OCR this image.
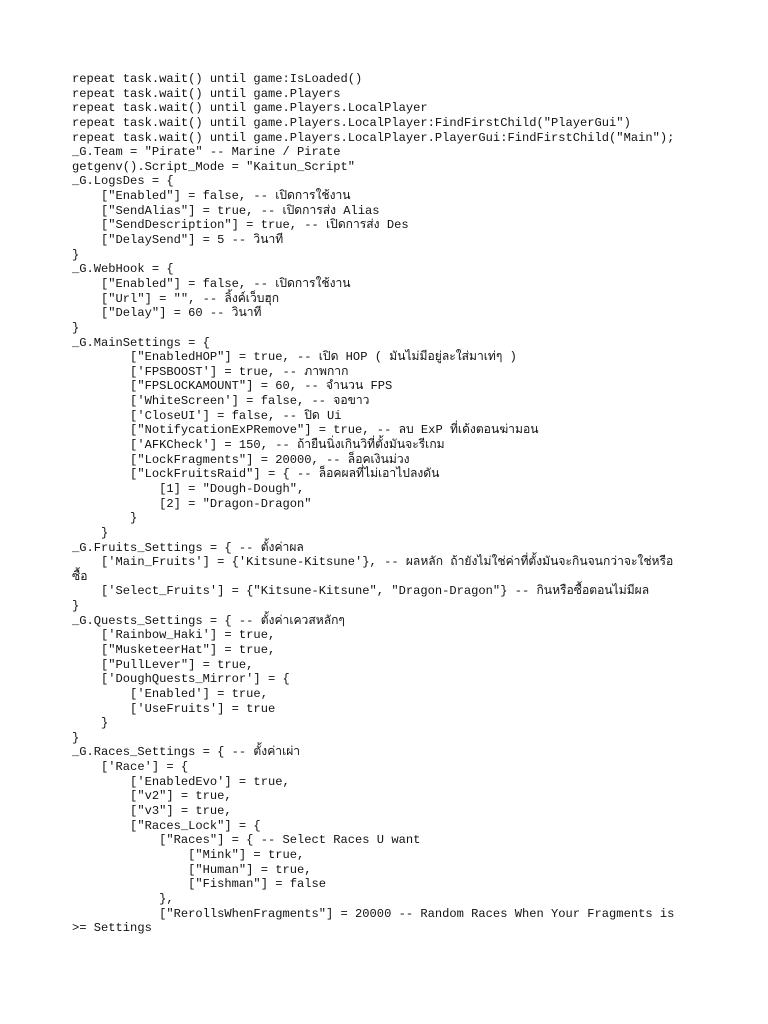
repeat task.wait() until game:IsLoaded()
repeat task.wait() until game.Players
repeat task.wait() until game.Players.LocalPlayer
repeat task.wait() until game.Players.LocalPlayer:FindFirstChild("PlayerGui")
repeat task.wait() until game.Players.LocalPlayer.PlayerGui:FindFirstChild("Main");
_G.Team = "Pirate" -- Marine / Pirate
getgenv().Script_Mode = "Kaitun_Script"
_G.LogsDes = {
["Enabled"] = false, -- เปิดการใช้งาน
["SendAlias"] = true, -- เปิดการส่ง Alias
["SendDescription"] = true, -- เปิดการส่ง Des
["DelaySend"] = 5 -- วินาที
}
_G.WebHook = {
["Enabled"] = false, -- เปิดการใช้งาน
["Url"] = "", -- ลิ้งค์เว็บฮุก
["Delay"] = 60 -- วินาที
}
_G.MainSettings = {
["EnabledHOP"] = true, -- เปิด HOP ( มันไม่มีอยู่ละใส่มาเท่ๆ )
['FPSBOOST'] = true, -- ภาพกาก
["FPSLOCKAMOUNT"] = 60, -- จำนวน FPS
['WhiteScreen'] = false, -- จอขาว
['CloseUI'] = false, -- ปิด Ui
["NotifycationExPRemove"] = true, -- ลบ ExP ที่เด้งตอนฆ่ามอน
['AFKCheck'] = 150, -- ถ้ายืนนิ่งเกินวิที่ตั้งมันจะรีเกม
["LockFragments"] = 20000, -- ล็อคเงินม่วง
["LockFruitsRaid"] = { -- ล็อคผลที่ไม่เอาไปลงดัน
[1] = "Dough-Dough",
[2] = "Dragon-Dragon"
}
}
_G.Fruits_Settings = { -- ตั้งค่าผล
['Main_Fruits'] = {'Kitsune-Kitsune'}, -- ผลหลัก ถ้ายังไม่ใช่ค่าที่ตั้งมันจะกินจนกว่าจะใช่หรือ
ซื้อ
['Select_Fruits'] = {"Kitsune-Kitsune", "Dragon-Dragon"} -- กินหรือซื้อตอนไม่มีผล
}
_G.Quests_Settings = { -- ตั้งค่าเควสหลักๆ
['Rainbow_Haki'] = true,
["MusketeerHat"] = true,
["PullLever"] = true,
['DoughQuests_Mirror'] = {
['Enabled'] = true,
['UseFruits'] = true
}
}
_G.Races_Settings = { -- ตั้งค่าเผ่า
['Race'] = {
['EnabledEvo'] = true,
["v2"] = true,
["v3"] = true,
["Races_Lock"] = {
["Races"] = { -- Select Races U want
["Mink"] = true,
["Human"] = true,
["Fishman"] = false
},
["RerollsWhenFragments"] = 20000 -- Random Races When Your Fragments is
>= Settings
